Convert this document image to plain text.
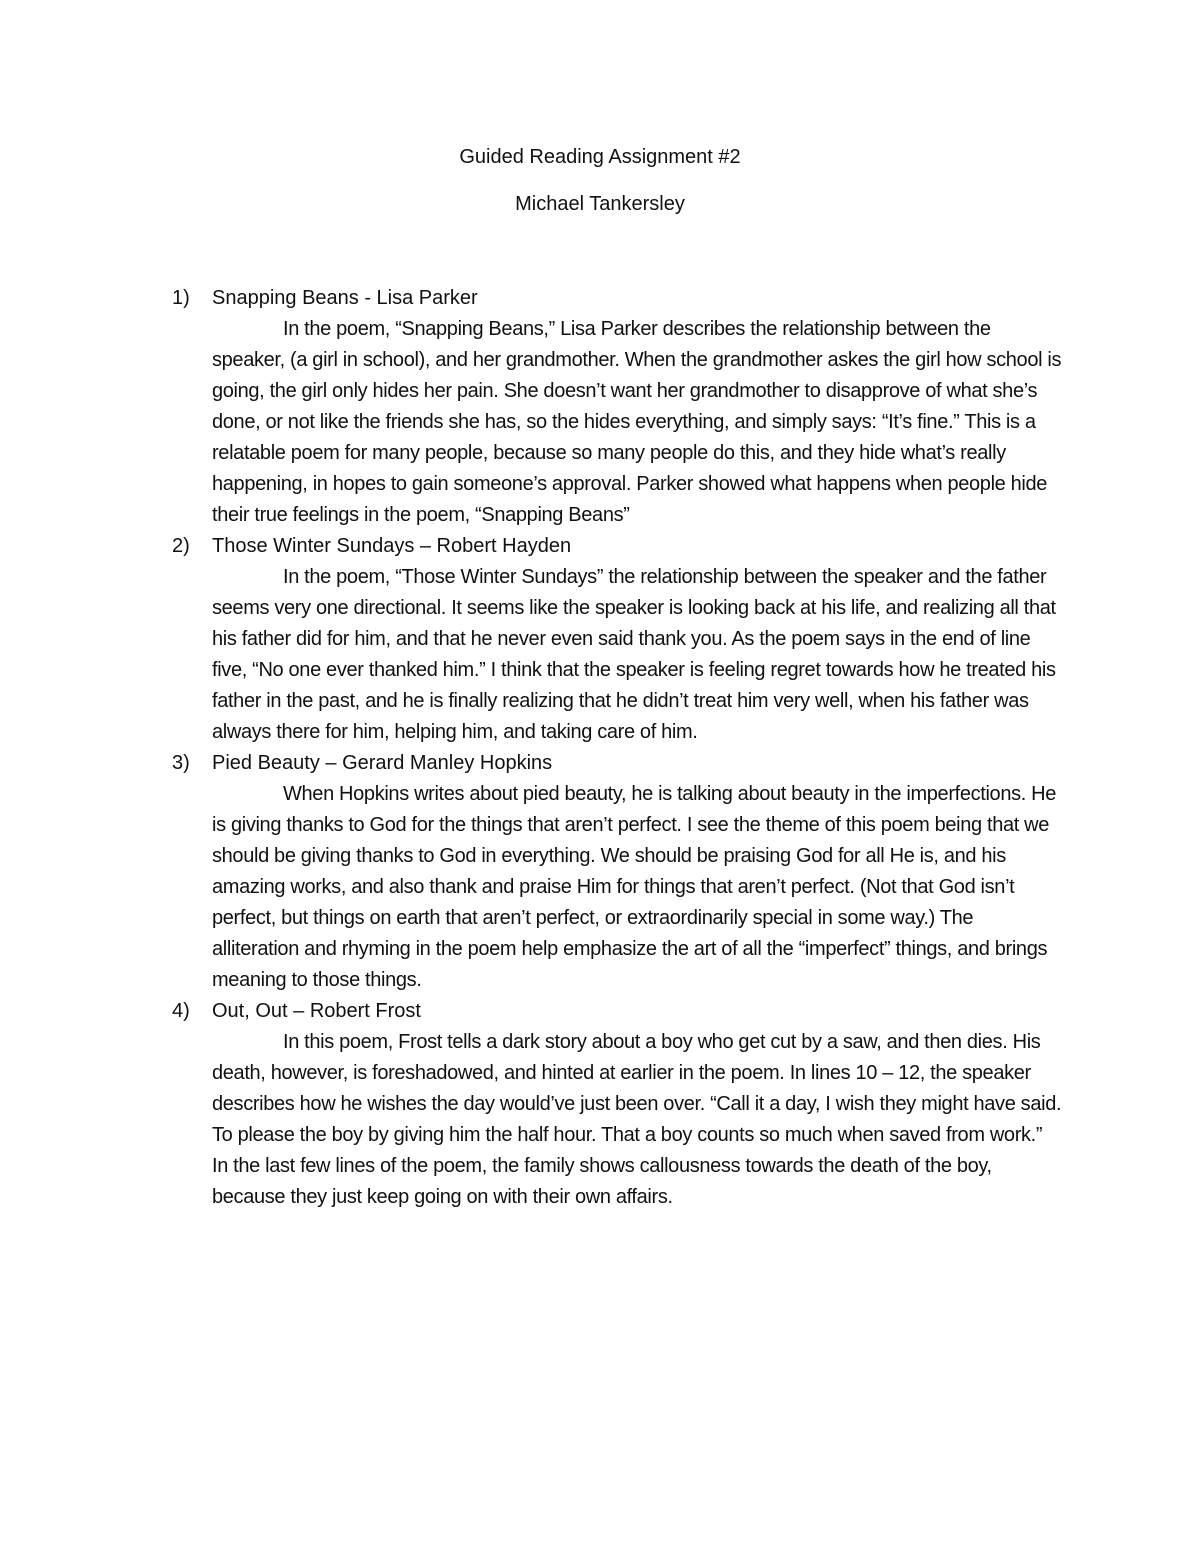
Guided Reading Assignment #2
Michael Tankersley
1) Snapping Beans - Lisa Parker
In the poem, “Snapping Beans,” Lisa Parker describes the relationship between the speaker, (a girl in school), and her grandmother. When the grandmother askes the girl how school is going, the girl only hides her pain. She doesn’t want her grandmother to disapprove of what she’s done, or not like the friends she has, so the hides everything, and simply says: “It’s fine.” This is a relatable poem for many people, because so many people do this, and they hide what’s really happening, in hopes to gain someone’s approval. Parker showed what happens when people hide their true feelings in the poem, “Snapping Beans”
2) Those Winter Sundays – Robert Hayden
In the poem, “Those Winter Sundays” the relationship between the speaker and the father seems very one directional. It seems like the speaker is looking back at his life, and realizing all that his father did for him, and that he never even said thank you. As the poem says in the end of line five, “No one ever thanked him.” I think that the speaker is feeling regret towards how he treated his father in the past, and he is finally realizing that he didn’t treat him very well, when his father was always there for him, helping him, and taking care of him.
3) Pied Beauty – Gerard Manley Hopkins
When Hopkins writes about pied beauty, he is talking about beauty in the imperfections. He is giving thanks to God for the things that aren’t perfect. I see the theme of this poem being that we should be giving thanks to God in everything. We should be praising God for all He is, and his amazing works, and also thank and praise Him for things that aren’t perfect. (Not that God isn’t perfect, but things on earth that aren’t perfect, or extraordinarily special in some way.) The alliteration and rhyming in the poem help emphasize the art of all the “imperfect” things, and brings meaning to those things.
4) Out, Out – Robert Frost
In this poem, Frost tells a dark story about a boy who get cut by a saw, and then dies. His death, however, is foreshadowed, and hinted at earlier in the poem. In lines 10 – 12, the speaker describes how he wishes the day would’ve just been over. “Call it a day, I wish they might have said. To please the boy by giving him the half hour. That a boy counts so much when saved from work.” In the last few lines of the poem, the family shows callousness towards the death of the boy, because they just keep going on with their own affairs.
